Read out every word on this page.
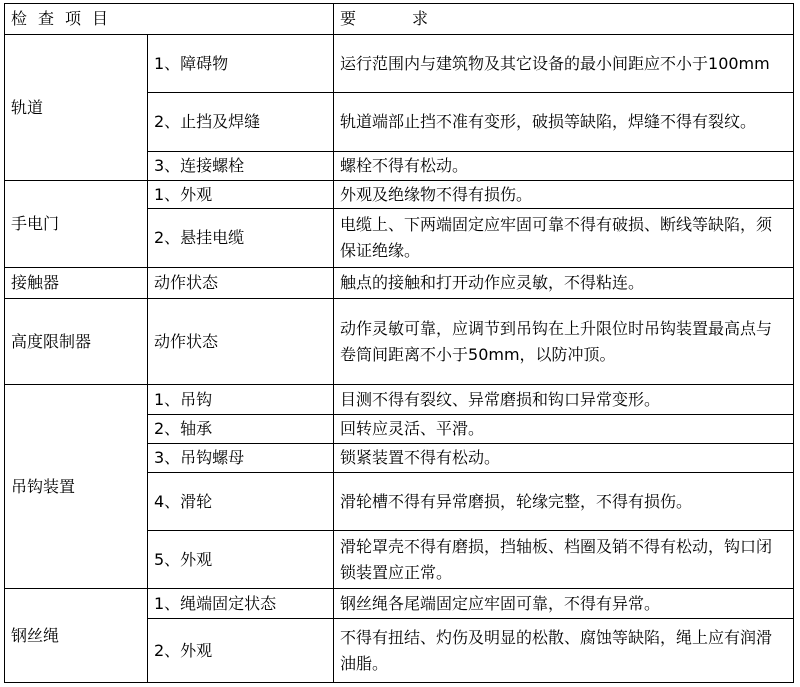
检查项目		要           求
轨道	1、障碍物	运行范围内与建筑物及其它设备的最小间距应不小于100mm
	2、止挡及焊缝	轨道端部止挡不准有变形，破损等缺陷，焊缝不得有裂纹。
	3、连接螺栓	螺栓不得有松动。
手电门	1、外观	外观及绝缘物不得有损伤。
	2、悬挂电缆	电缆上、下两端固定应牢固可靠不得有破损、断线等缺陷，须保证绝缘。
接触器	动作状态	触点的接触和打开动作应灵敏，不得粘连。
高度限制器	动作状态	动作灵敏可靠，应调节到吊钩在上升限位时吊钩装置最高点与卷筒间距离不小于50mm，以防冲顶。
吊钩装置	1、吊钩	目测不得有裂纹、异常磨损和钩口异常变形。
	2、轴承	回转应灵活、平滑。
	3、吊钩螺母	锁紧装置不得有松动。
	4、滑轮	滑轮槽不得有异常磨损，轮缘完整，不得有损伤。
	5、外观	滑轮罩壳不得有磨损，挡轴板、档圈及销不得有松动，钩口闭锁装置应正常。
钢丝绳	1、绳端固定状态	钢丝绳各尾端固定应牢固可靠，不得有异常。
	2、外观	不得有扭结、灼伤及明显的松散、腐蚀等缺陷，绳上应有润滑油脂。
